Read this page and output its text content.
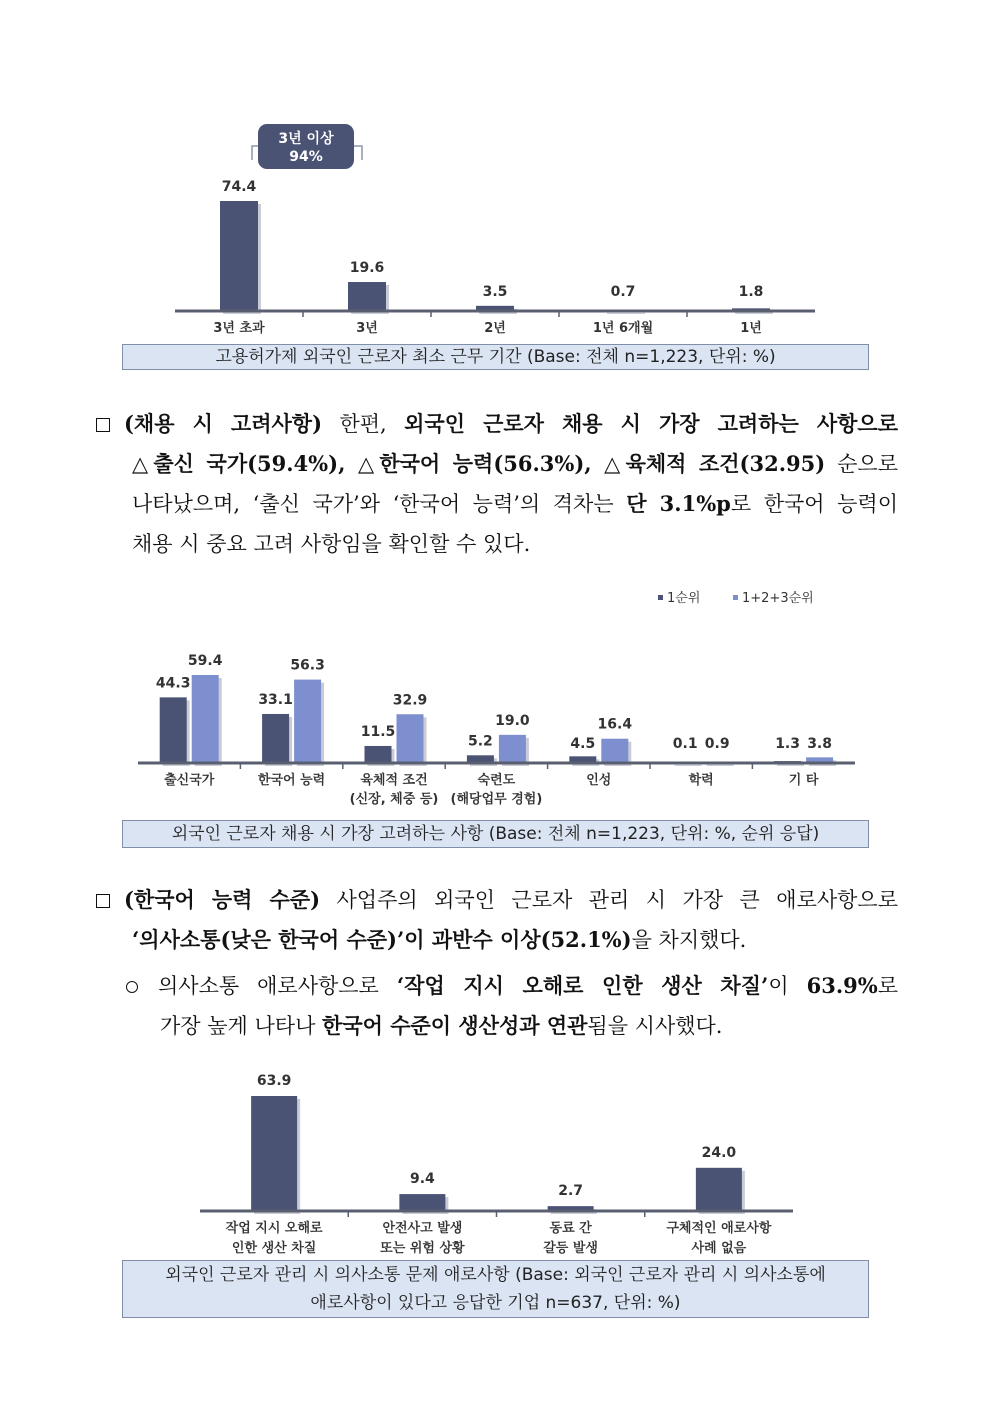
74.4
3년 초과
19.6
3년
3.5
2년
0.7
1년 6개월
1.8
1년
3년 이상
94%
고용허가제 외국인 근로자 최소 근무 기간 (Base: 전체 n=1,223, 단위: %)
(채용 시 고려사항) 한편, 외국인 근로자 채용 시 가장 고려하는 사항으로
△출신 국가(59.4%), △한국어 능력(56.3%), △육체적 조건(32.95) 순으로
나타났으며, ‘출신 국가’와 ‘한국어 능력’의 격차는 단 3.1%p로 한국어 능력이
채용 시 중요 고려 사항임을 확인할 수 있다.
1순위	1+2+3순위
44.3
59.4
출신국가
33.1
56.3
한국어 능력
11.5
32.9
육체적 조건
(신장, 체중 등)
5.2
19.0
숙련도
(해당업무 경험)
4.5
16.4
인성
0.1 0.9
학력
1.3 3.8
기 타
외국인 근로자 채용 시 가장 고려하는 사항 (Base: 전체 n=1,223, 단위: %, 순위 응답)
(한국어 능력 수준) 사업주의 외국인 근로자 관리 시 가장 큰 애로사항으로
‘의사소통(낮은 한국어 수준)’이 과반수 이상(52.1%)을 차지했다.
의사소통 애로사항으로 ‘작업 지시 오해로 인한 생산 차질’이 63.9%로
가장 높게 나타나 한국어 수준이 생산성과 연관됨을 시사했다.
63.9
작업 지시 오해로
인한 생산 차질
9.4
안전사고 발생
또는 위험 상황
2.7
동료 간
갈등 발생
24.0
구체적인 애로사항
사례 없음
외국인 근로자 관리 시 의사소통 문제 애로사항 (Base: 외국인 근로자 관리 시 의사소통에
애로사항이 있다고 응답한 기업 n=637, 단위: %)
